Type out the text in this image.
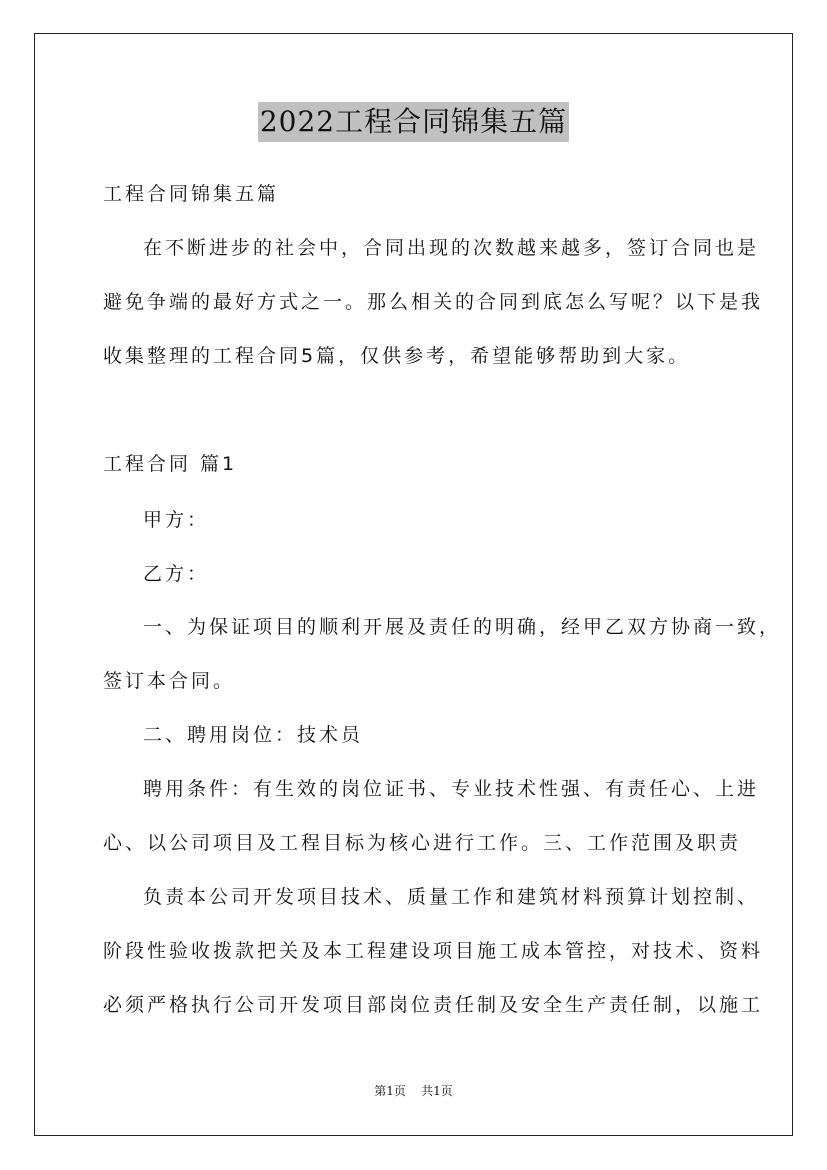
2022工程合同锦集五篇
工程合同锦集五篇
在不断进步的社会中，合同出现的次数越来越多，签订合同也是
避免争端的最好方式之一。那么相关的合同到底怎么写呢？以下是我
收集整理的工程合同5篇，仅供参考，希望能够帮助到大家。
工程合同 篇1
甲方：
乙方：
一、为保证项目的顺利开展及责任的明确，经甲乙双方协商一致，
签订本合同。
二、聘用岗位：技术员
聘用条件：有生效的岗位证书、专业技术性强、有责任心、上进
心、以公司项目及工程目标为核心进行工作。三、工作范围及职责
负责本公司开发项目技术、质量工作和建筑材料预算计划控制、
阶段性验收拨款把关及本工程建设项目施工成本管控，对技术、资料
必须严格执行公司开发项目部岗位责任制及安全生产责任制，以施工
第1页 共1页
